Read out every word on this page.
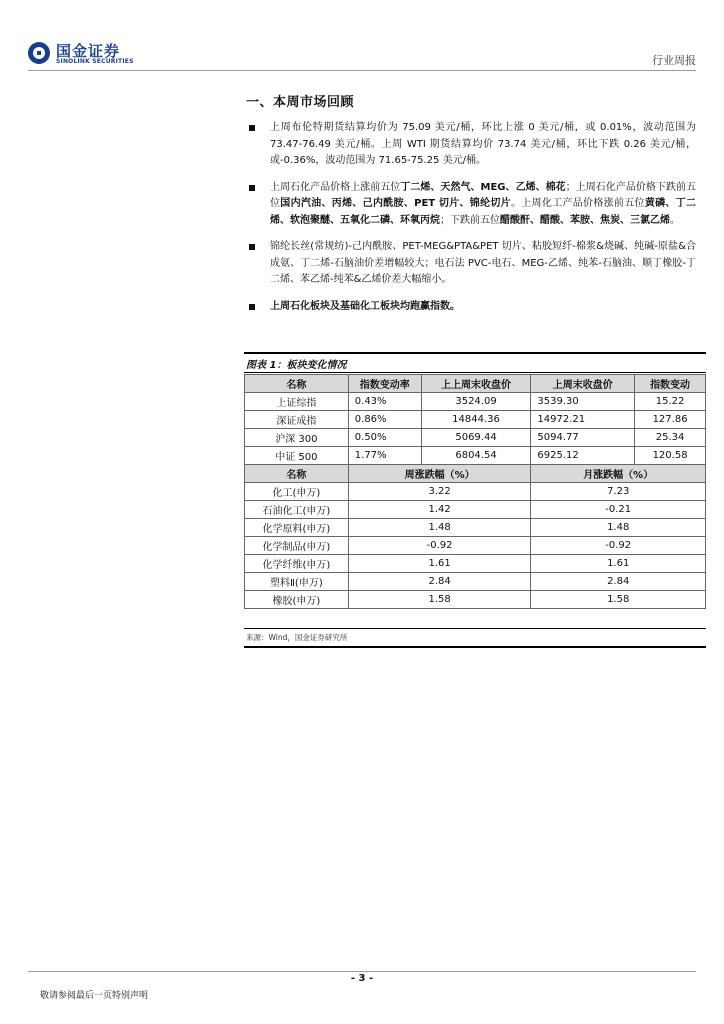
国金证券
SINOLINK SECURITIES	行业周报
一、本周市场回顾
上周布伦特期货结算均价为 75.09 美元/桶，环比上涨 0 美元/桶，或 0.01%，波动范围为 73.47-76.49 美元/桶。上周 WTI 期货结算均价 73.74 美元/桶，环比下跌 0.26 美元/桶，或-0.36%，波动范围为 71.65-75.25 美元/桶。
上周石化产品价格上涨前五位丁二烯、天然气、MEG、乙烯、棉花；上周石化产品价格下跌前五位国内汽油、丙烯、己内酰胺、PET 切片、锦纶切片。上周化工产品价格涨前五位黄磷、丁二烯、软泡聚醚、五氧化二磷、环氧丙烷；下跌前五位醋酸酐、醋酸、苯胺、焦炭、三氯乙烯。
锦纶长丝(常规纺)-己内酰胺、PET-MEG&PTA&PET 切片、粘胶短纤-棉浆&烧碱、纯碱-原盐&合成氨、丁二烯-石脑油价差增幅较大；电石法 PVC-电石、MEG-乙烯、纯苯-石脑油、顺丁橡胶-丁二烯、苯乙烯-纯苯&乙烯价差大幅缩小。
上周石化板块及基础化工板块均跑赢指数。
图表 1：板块变化情况
名称	指数变动率	上上周末收盘价	上周末收盘价	指数变动
上证综指	0.43%	3524.09	3539.30	15.22
深证成指	0.86%	14844.36	14972.21	127.86
沪深 300	0.50%	5069.44	5094.77	25.34
中证 500	1.77%	6804.54	6925.12	120.58
名称	周涨跌幅（%）		月涨跌幅（%）	
化工(申万)	3.22		7.23	
石油化工(申万)	1.42		-0.21	
化学原料(申万)	1.48		1.48	
化学制品(申万)	-0.92		-0.92	
化学纤维(申万)	1.61		1.61	
塑料Ⅱ(申万)	2.84		2.84	
橡胶(申万)	1.58		1.58	
来源：Wind，国金证券研究所
- 3 -
敬请参阅最后一页特别声明
